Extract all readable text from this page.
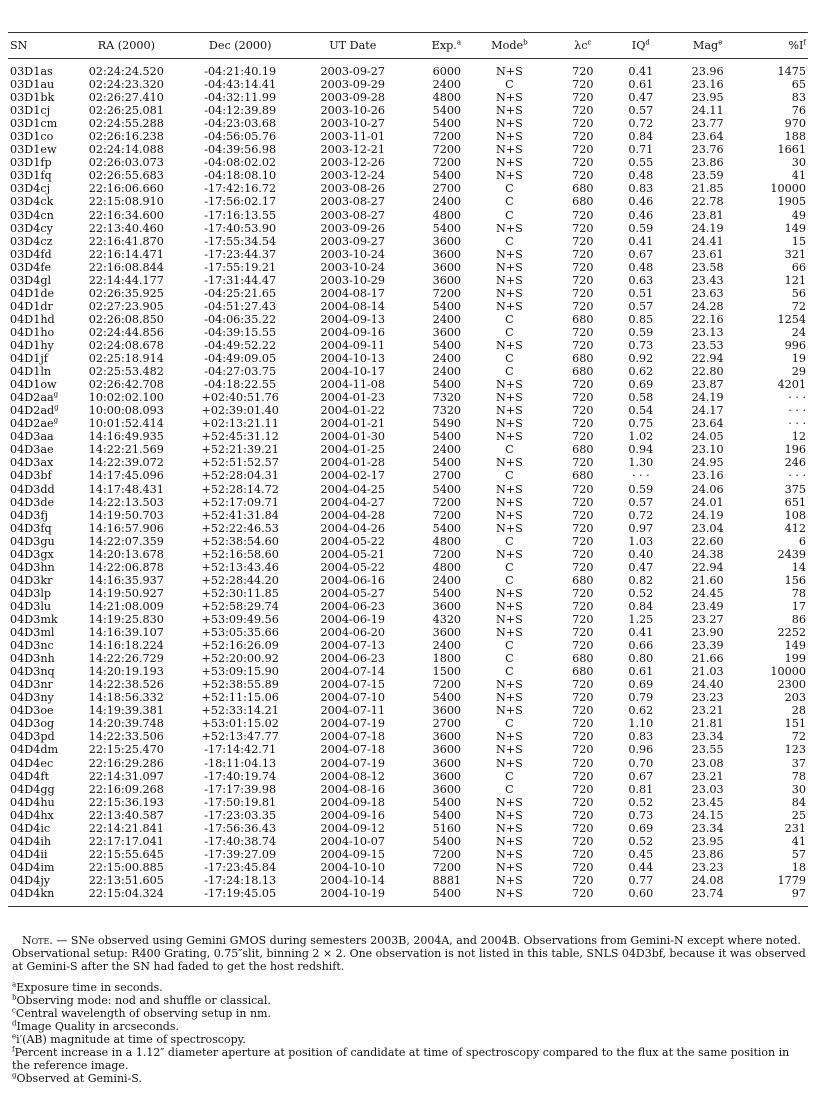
SN	RA (2000)	Dec (2000)	UT Date	Exp.$^a$	Mode$^b$	$\lambda c^c$	$IQ^d$	Mag$^e$	$\%I^f$
03D1as	02:24:24.520	-04:21:40.19	2003-09-27	6000	N+S	720	0.41	23.96	1475
03D1au	02:24:23.320	-04:43:14.41	2003-09-29	2400	C	720	0.61	23.16	65
03D1bk	02:26:27.410	-04:32:11.99	2003-09-28	4800	N+S	720	0.47	23.95	83
03D1cj	02:26:25.081	-04:12:39.89	2003-10-26	5400	N+S	720	0.57	24.11	76
03D1cm	02:24:55.288	-04:23:03.68	2003-10-27	5400	N+S	720	0.72	23.77	970
03D1co	02:26:16.238	-04:56:05.76	2003-11-01	7200	N+S	720	0.84	23.64	188
03D1ew	02:24:14.088	-04:39:56.98	2003-12-21	7200	N+S	720	0.71	23.76	1661
03D1fp	02:26:03.073	-04:08:02.02	2003-12-26	7200	N+S	720	0.55	23.86	30
03D1fq	02:26:55.683	-04:18:08.10	2003-12-24	5400	N+S	720	0.48	23.59	41
03D4cj	22:16:06.660	-17:42:16.72	2003-08-26	2700	C	680	0.83	21.85	10000
03D4ck	22:15:08.910	-17:56:02.17	2003-08-27	2400	C	680	0.46	22.78	1905
03D4cn	22:16:34.600	-17:16:13.55	2003-08-27	4800	C	720	0.46	23.81	49
03D4cy	22:13:40.460	-17:40:53.90	2003-09-26	5400	N+S	720	0.59	24.19	149
03D4cz	22:16:41.870	-17:55:34.54	2003-09-27	3600	C	720	0.41	24.41	15
03D4fd	22:16:14.471	-17:23:44.37	2003-10-24	3600	N+S	720	0.67	23.61	321
03D4fe	22:16:08.844	-17:55:19.21	2003-10-24	3600	N+S	720	0.48	23.58	66
03D4gl	22:14:44.177	-17:31:44.47	2003-10-29	3600	N+S	720	0.63	23.43	121
04D1de	02:26:35.925	-04:25:21.65	2004-08-17	7200	N+S	720	0.51	23.63	56
04D1dr	02:27:23.905	-04:51:27.43	2004-08-14	5400	N+S	720	0.57	24.28	72
04D1hd	02:26:08.850	-04:06:35.22	2004-09-13	2400	C	680	0.85	22.16	1254
04D1ho	02:24:44.856	-04:39:15.55	2004-09-16	3600	C	720	0.59	23.13	24
04D1hy	02:24:08.678	-04:49:52.22	2004-09-11	5400	N+S	720	0.73	23.53	996
04D1jf	02:25:18.914	-04:49:09.05	2004-10-13	2400	C	680	0.92	22.94	19
04D1ln	02:25:53.482	-04:27:03.75	2004-10-17	2400	C	680	0.62	22.80	29
04D1ow	02:26:42.708	-04:18:22.55	2004-11-08	5400	N+S	720	0.69	23.87	4201
$04D2aa^g$	10:02:02.100	+02:40:51.76	2004-01-23	7320	N+S	720	0.58	24.19	· · ·
$04D2ad^g$	10:00:08.093	+02:39:01.40	2004-01-22	7320	N+S	720	0.54	24.17	· · ·
$04D2ae^g$	10:01:52.414	+02:13:21.11	2004-01-21	5490	N+S	720	0.75	23.64	· · ·
04D3aa	14:16:49.935	+52:45:31.12	2004-01-30	5400	N+S	720	1.02	24.05	12
04D3ae	14:22:21.569	+52:21:39.21	2004-01-25	2400	C	680	0.94	23.10	196
04D3ax	14:22:39.072	+52:51:52.57	2004-01-28	5400	N+S	720	1.30	24.95	246
04D3bf	14:17:45.096	+52:28:04.31	2004-02-17	2700	C	680	· · ·	23.16	· · ·
04D3dd	14:17:48.431	+52:28:14.72	2004-04-25	5400	N+S	720	0.59	24.06	375
04D3de	14:22:13.503	+52:17:09.71	2004-04-27	7200	N+S	720	0.57	24.01	651
04D3fj	14:19:50.703	+52:41:31.84	2004-04-28	7200	N+S	720	0.72	24.19	108
04D3fq	14:16:57.906	+52:22:46.53	2004-04-26	5400	N+S	720	0.97	23.04	412
04D3gu	14:22:07.359	+52:38:54.60	2004-05-22	4800	C	720	1.03	22.60	6
04D3gx	14:20:13.678	+52:16:58.60	2004-05-21	7200	N+S	720	0.40	24.38	2439
04D3hn	14:22:06.878	+52:13:43.46	2004-05-22	4800	C	720	0.47	22.94	14
04D3kr	14:16:35.937	+52:28:44.20	2004-06-16	2400	C	680	0.82	21.60	156
04D3lp	14:19:50.927	+52:30:11.85	2004-05-27	5400	N+S	720	0.52	24.45	78
04D3lu	14:21:08.009	+52:58:29.74	2004-06-23	3600	N+S	720	0.84	23.49	17
04D3mk	14:19:25.830	+53:09:49.56	2004-06-19	4320	N+S	720	1.25	23.27	86
04D3ml	14:16:39.107	+53:05:35.66	2004-06-20	3600	N+S	720	0.41	23.90	2252
04D3nc	14:16:18.224	+52:16:26.09	2004-07-13	2400	C	720	0.66	23.39	149
04D3nh	14:22:26.729	+52:20:00.92	2004-06-23	1800	C	680	0.80	21.66	199
04D3nq	14:20:19.193	+53:09:15.90	2004-07-14	1500	C	680	0.61	21.03	10000
04D3nr	14:22:38.526	+52:38:55.89	2004-07-15	7200	N+S	720	0.69	24.40	2300
04D3ny	14:18:56.332	+52:11:15.06	2004-07-10	5400	N+S	720	0.79	23.23	203
04D3oe	14:19:39.381	+52:33:14.21	2004-07-11	3600	N+S	720	0.62	23.21	28
04D3og	14:20:39.748	+53:01:15.02	2004-07-19	2700	C	720	1.10	21.81	151
04D3pd	14:22:33.506	+52:13:47.77	2004-07-18	3600	N+S	720	0.83	23.34	72
04D4dm	22:15:25.470	-17:14:42.71	2004-07-18	3600	N+S	720	0.96	23.55	123
04D4ec	22:16:29.286	-18:11:04.13	2004-07-19	3600	N+S	720	0.70	23.08	37
04D4ft	22:14:31.097	-17:40:19.74	2004-08-12	3600	C	720	0.67	23.21	78
04D4gg	22:16:09.268	-17:17:39.98	2004-08-16	3600	C	720	0.81	23.03	30
04D4hu	22:15:36.193	-17:50:19.81	2004-09-18	5400	N+S	720	0.52	23.45	84
04D4hx	22:13:40.587	-17:23:03.35	2004-09-16	5400	N+S	720	0.73	24.15	25
04D4ic	22:14:21.841	-17:56:36.43	2004-09-12	5160	N+S	720	0.69	23.34	231
04D4ih	22:17:17.041	-17:40:38.74	2004-10-07	5400	N+S	720	0.52	23.95	41
04D4ii	22:15:55.645	-17:39:27.09	2004-09-15	7200	N+S	720	0.45	23.86	57
04D4im	22:15:00.885	-17:23:45.84	2004-10-10	7200	N+S	720	0.44	23.23	18
04D4jy	22:13:51.605	-17:24:18.13	2004-10-14	8881	N+S	720	0.77	24.08	1779
04D4kn	22:15:04.324	-17:19:45.05	2004-10-19	5400	N+S	720	0.60	23.74	97

Note. — SNe observed using Gemini GMOS during semesters 2003B, 2004A, and 2004B. Observations from Gemini-N except where noted. Observational setup: R400 Grating, 0.75″slit, binning 2 × 2. One observation is not listed in this table, SNLS 04D3bf, because it was observed at Gemini-S after the SN had faded to get the host redshift.

$^a$Exposure time in seconds.

$^b$Observing mode: nod and shuffle or classical.

$^c$Central wavelength of observing setup in nm.

$^d$Image Quality in arcseconds.

$^e$i′(AB) magnitude at time of spectroscopy.

$^f$Percent increase in a 1.12″ diameter aperture at position of candidate at time of spectroscopy compared to the flux at the same position in the reference image.

$^g$Observed at Gemini-S.
